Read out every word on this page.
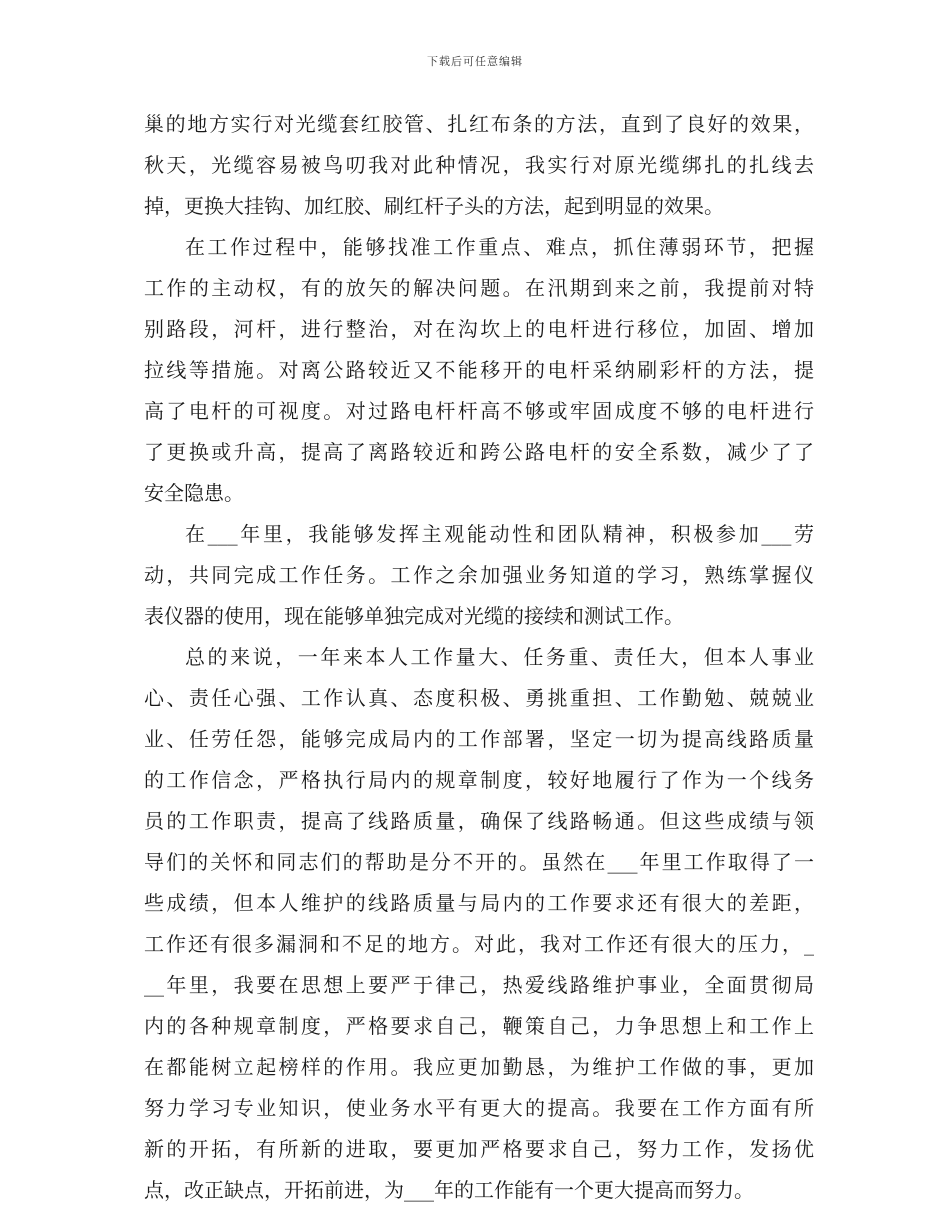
下载后可任意编辑
巢的地方实行对光缆套红胶管、扎红布条的方法，直到了良好的效果，
秋天，光缆容易被鸟叨我对此种情况，我实行对原光缆绑扎的扎线去
掉，更换大挂钩、加红胶、刷红杆子头的方法，起到明显的效果。
在工作过程中，能够找准工作重点、难点，抓住薄弱环节，把握
工作的主动权，有的放矢的解决问题。在汛期到来之前，我提前对特
别路段，河杆，进行整治，对在沟坎上的电杆进行移位，加固、增加
拉线等措施。对离公路较近又不能移开的电杆采纳刷彩杆的方法，提
高了电杆的可视度。对过路电杆杆高不够或牢固成度不够的电杆进行
了更换或升高，提高了离路较近和跨公路电杆的安全系数，减少了了
安全隐患。
在___年里，我能够发挥主观能动性和团队精神，积极参加___劳
动，共同完成工作任务。工作之余加强业务知道的学习，熟练掌握仪
表仪器的使用，现在能够单独完成对光缆的接续和测试工作。
总的来说，一年来本人工作量大、任务重、责任大，但本人事业
心、责任心强、工作认真、态度积极、勇挑重担、工作勤勉、兢兢业
业、任劳任怨，能够完成局内的工作部署，坚定一切为提高线路质量
的工作信念，严格执行局内的规章制度，较好地履行了作为一个线务
员的工作职责，提高了线路质量，确保了线路畅通。但这些成绩与领
导们的关怀和同志们的帮助是分不开的。虽然在___年里工作取得了一
些成绩，但本人维护的线路质量与局内的工作要求还有很大的差距，
工作还有很多漏洞和不足的地方。对此，我对工作还有很大的压力，_
__年里，我要在思想上要严于律己，热爱线路维护事业，全面贯彻局
内的各种规章制度，严格要求自己，鞭策自己，力争思想上和工作上
在都能树立起榜样的作用。我应更加勤恳，为维护工作做的事，更加
努力学习专业知识，使业务水平有更大的提高。我要在工作方面有所
新的开拓，有所新的进取，要更加严格要求自己，努力工作，发扬优
点，改正缺点，开拓前进，为___年的工作能有一个更大提高而努力。
